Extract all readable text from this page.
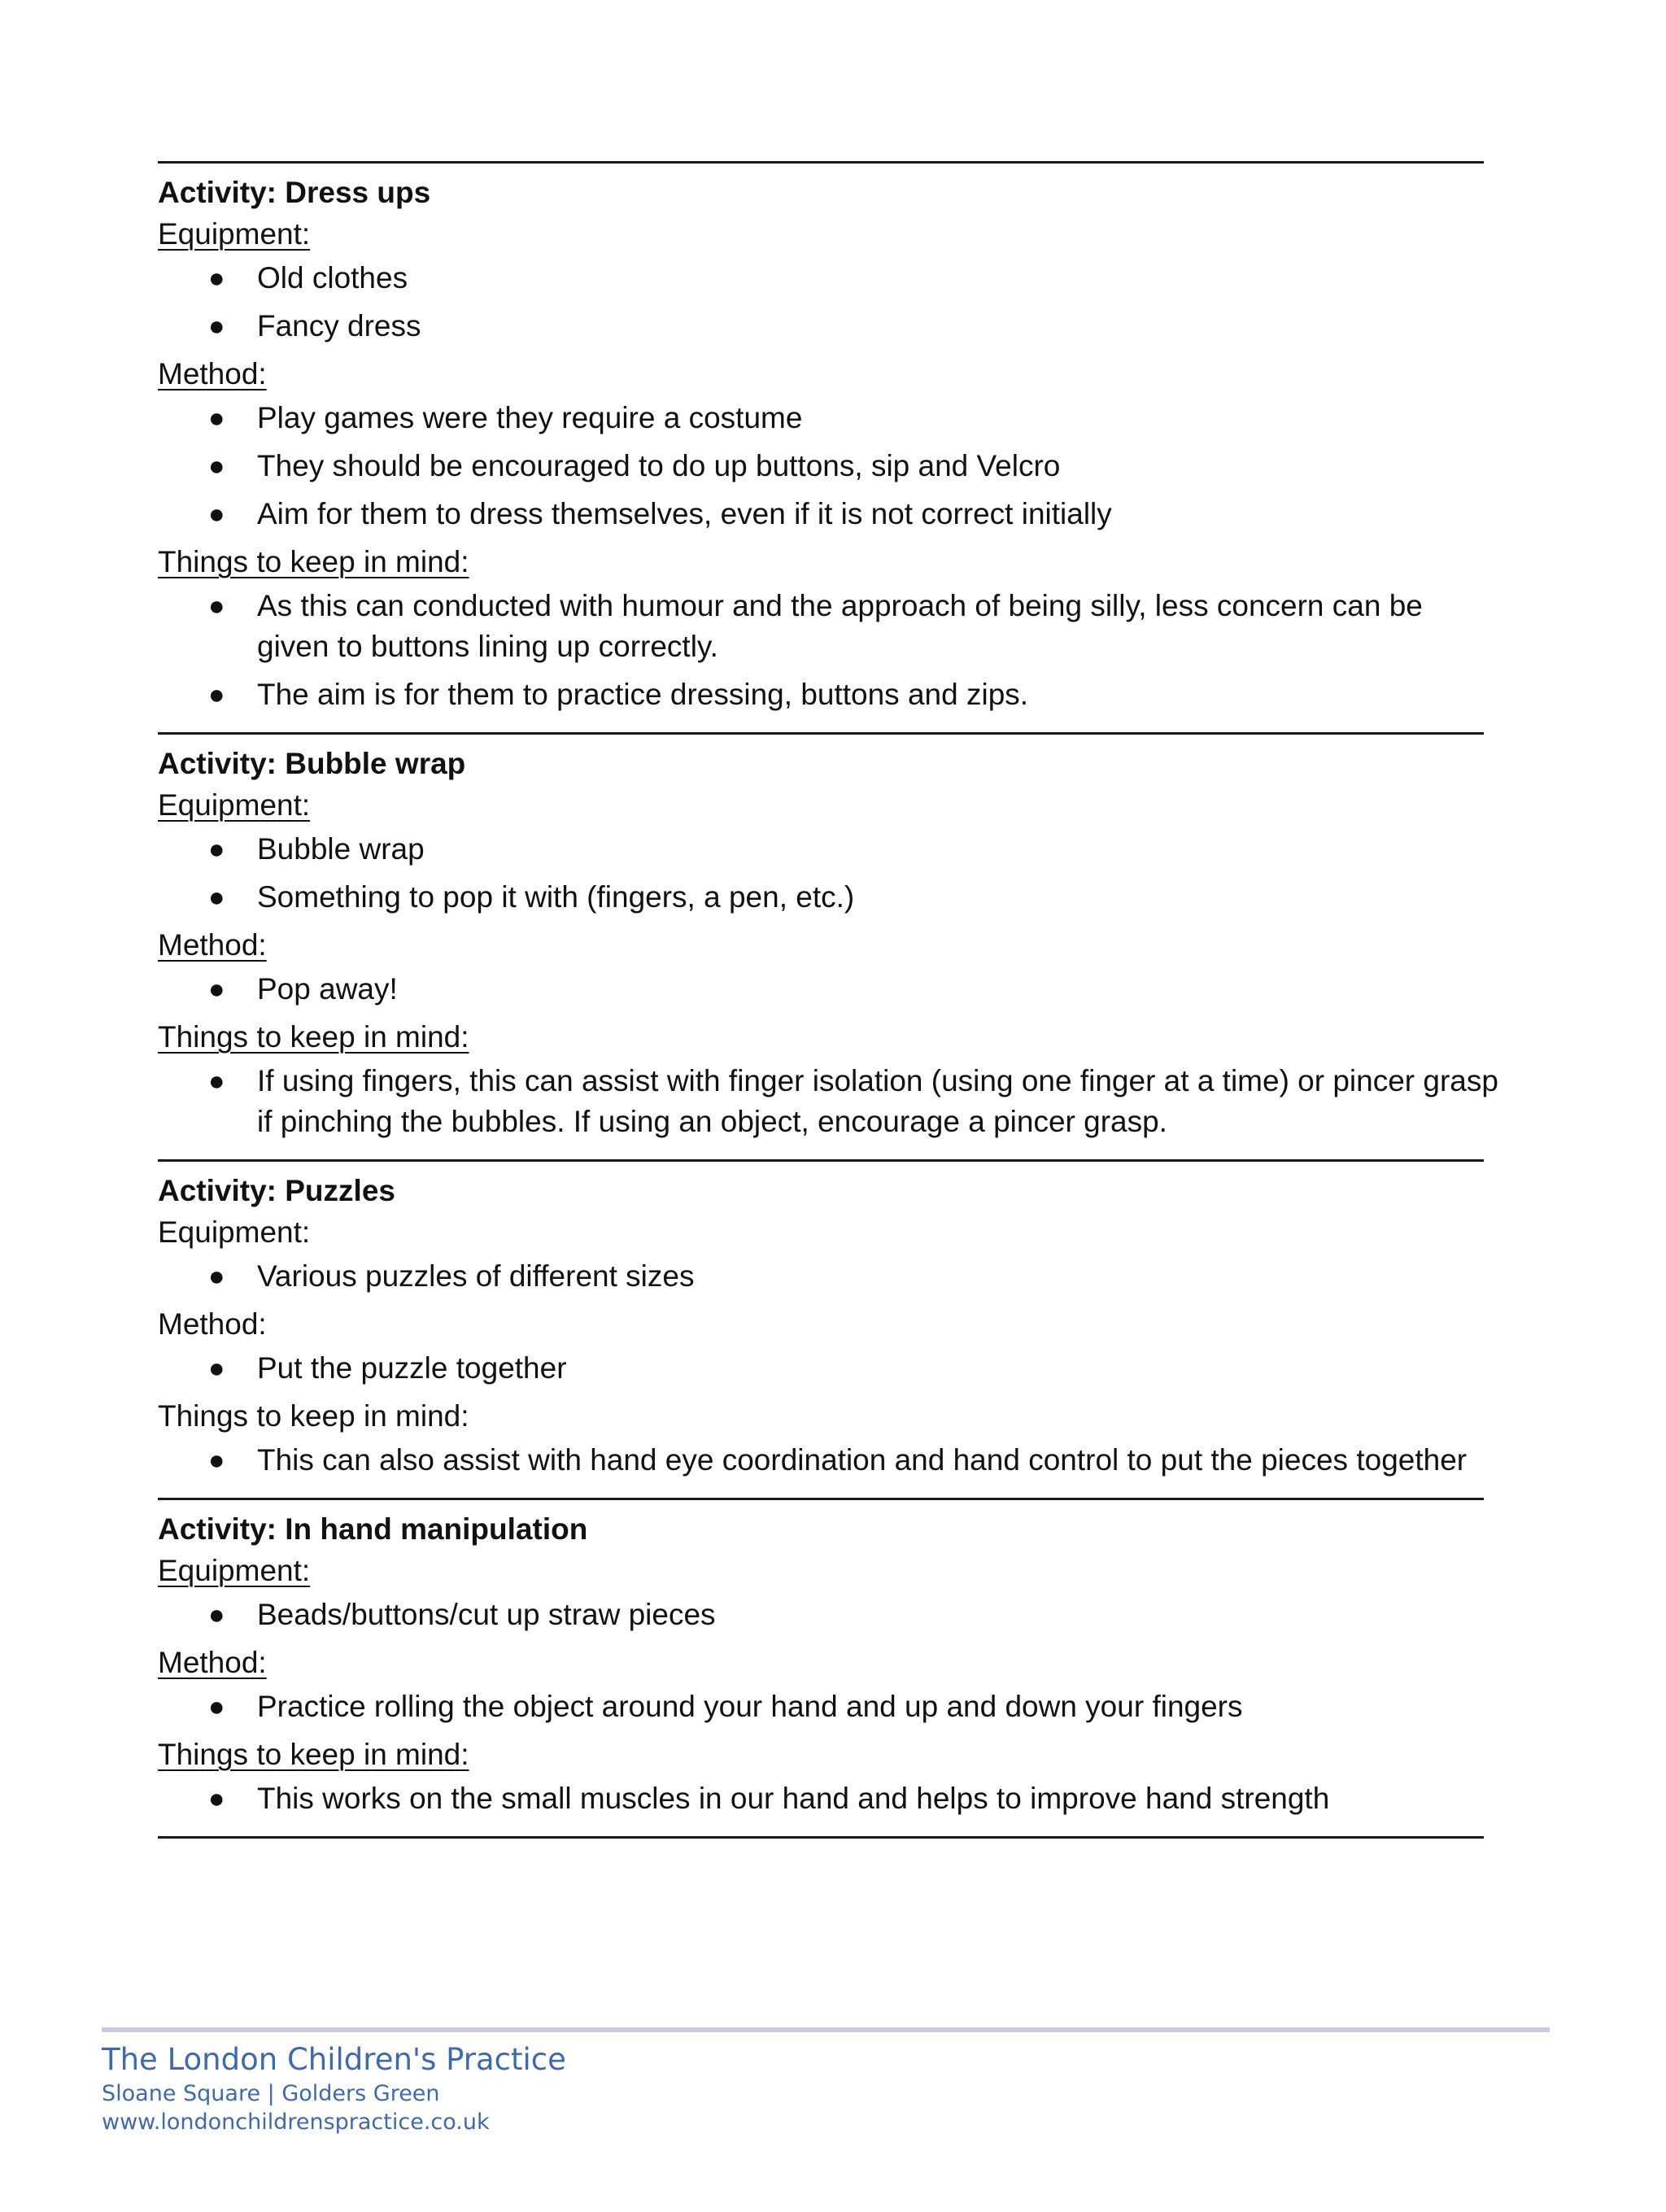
Activity: Dress ups

Equipment:

● Old clothes
● Fancy dress

Method:

● Play games were they require a costume
● They should be encouraged to do up buttons, sip and Velcro
● Aim for them to dress themselves, even if it is not correct initially

Things to keep in mind:

● As this can conducted with humour and the approach of being silly, less concern can be given to buttons lining up correctly.
● The aim is for them to practice dressing, buttons and zips.

Activity: Bubble wrap

Equipment:

● Bubble wrap
● Something to pop it with (fingers, a pen, etc.)

Method:

● Pop away!

Things to keep in mind:

● If using fingers, this can assist with finger isolation (using one finger at a time) or pincer grasp if pinching the bubbles. If using an object, encourage a pincer grasp.

Activity: Puzzles

Equipment:

● Various puzzles of different sizes

Method:

● Put the puzzle together

Things to keep in mind:

● This can also assist with hand eye coordination and hand control to put the pieces together

Activity: In hand manipulation

Equipment:

● Beads/buttons/cut up straw pieces

Method:

● Practice rolling the object around your hand and up and down your fingers

Things to keep in mind:

● This works on the small muscles in our hand and helps to improve hand strength

The London Children's Practice

Sloane Square | Golders Green

www.londonchildrenspractice.co.uk
